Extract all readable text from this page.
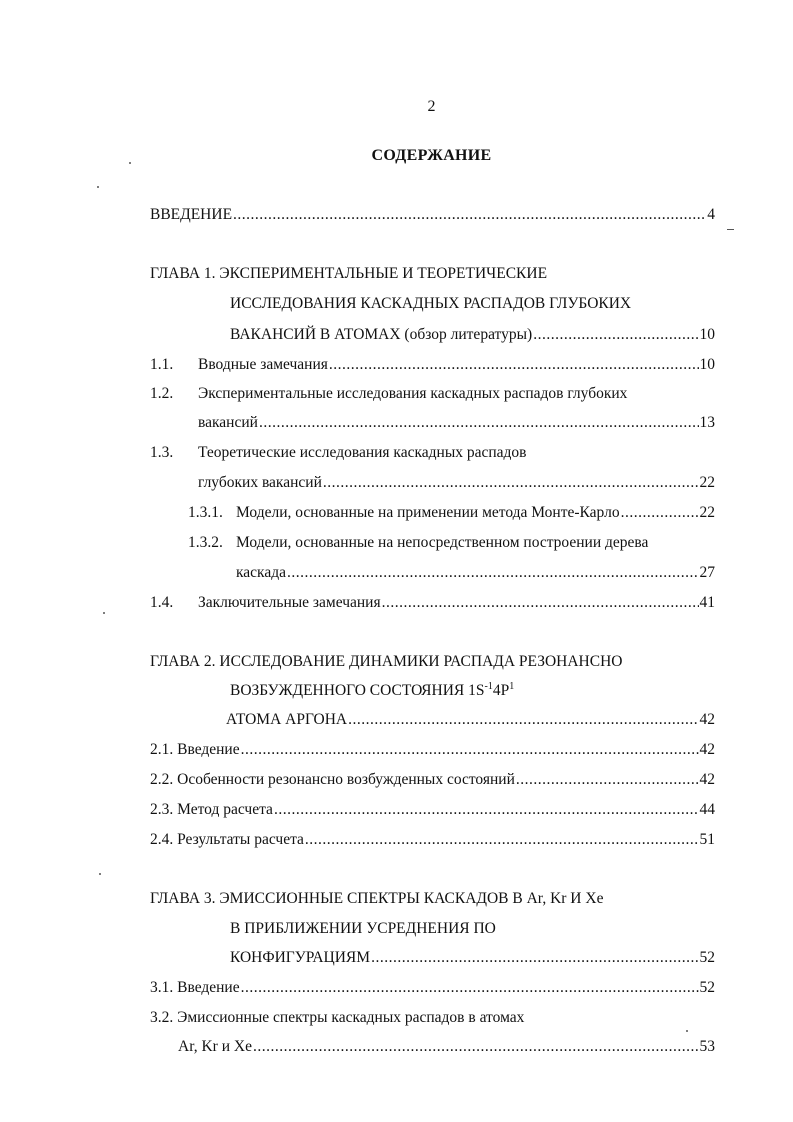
2
СОДЕРЖАНИЕ
ВВЕДЕНИЕ .....	4
ГЛАВА 1. ЭКСПЕРИМЕНТАЛЬНЫЕ И ТЕОРЕТИЧЕСКИЕ
ИССЛЕДОВАНИЯ КАСКАДНЫХ РАСПАДОВ ГЛУБОКИХ
ВАКАНСИЙ В АТОМАХ (обзор литературы) .....	10
1.1.	Вводные замечания .....	10
1.2. Экспериментальные исследования каскадных распадов глубоких
вакансий .....	13
1.3. Теоретические исследования каскадных распадов
глубоких вакансий .....	22
1.3.1. Модели, основанные на применении метода Монте-Карло .....	22
1.3.2. Модели, основанные на непосредственном построении дерева
каскада .....	27
1.4.	Заключительные замечания .....	41
ГЛАВА 2. ИССЛЕДОВАНИЕ ДИНАМИКИ РАСПАДА РЕЗОНАНСНО
ВОЗБУЖДЕННОГО СОСТОЯНИЯ $1S^{-1}4P^1$
АТОМА АРГОНА .....	42
2.1. Введение .....	42
2.2. Особенности резонансно возбужденных состояний .....	42
2.3. Метод расчета .....	44
2.4. Результаты расчета .....	51
ГЛАВА 3. ЭМИССИОННЫЕ СПЕКТРЫ КАСКАДОВ В Ar, Kr И Xe
В ПРИБЛИЖЕНИИ УСРЕДНЕНИЯ ПО
КОНФИГУРАЦИЯМ .....	52
3.1. Введение .....	52
3.2. Эмиссионные спектры каскадных распадов в атомах
Ar, Kr и Xe .....	53
